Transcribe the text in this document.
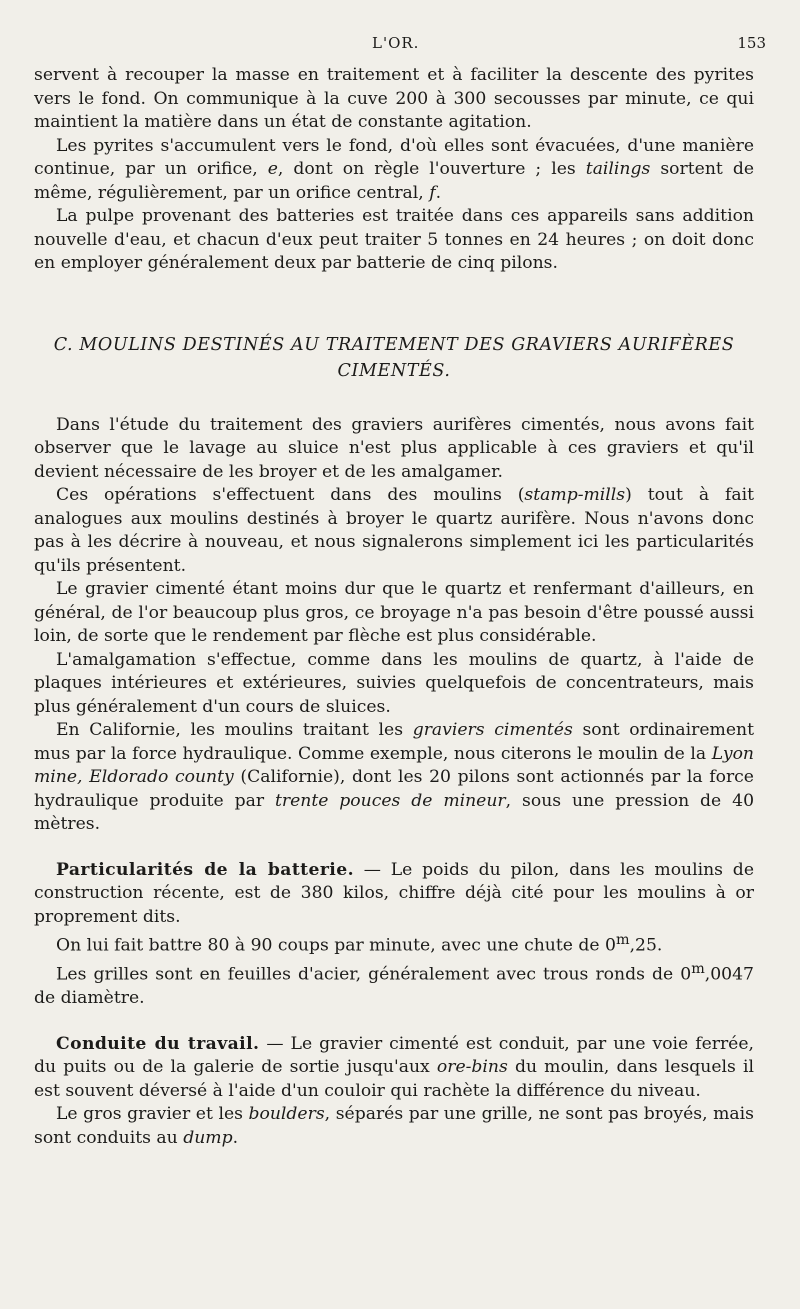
L'OR.	153

servent à recouper la masse en traitement et à faciliter la descente des pyrites vers le fond. On communique à la cuve 200 à 300 secousses par minute, ce qui maintient la matière dans un état de constante agitation.

Les pyrites s'accumulent vers le fond, d'où elles sont évacuées, d'une manière continue, par un orifice, e, dont on règle l'ouverture ; les tailings sortent de même, régulièrement, par un orifice central, f.

La pulpe provenant des batteries est traitée dans ces appareils sans addition nouvelle d'eau, et chacun d'eux peut traiter 5 tonnes en 24 heures ; on doit donc en employer généralement deux par batterie de cinq pilons.

C. MOULINS DESTINÉS AU TRAITEMENT DES GRAVIERS AURIFÈRES
CIMENTÉS.

Dans l'étude du traitement des graviers aurifères cimentés, nous avons fait observer que le lavage au sluice n'est plus applicable à ces graviers et qu'il devient nécessaire de les broyer et de les amalgamer.

Ces opérations s'effectuent dans des moulins (stamp-mills) tout à fait analogues aux moulins destinés à broyer le quartz aurifère. Nous n'avons donc pas à les décrire à nouveau, et nous signalerons simplement ici les particularités qu'ils présentent.

Le gravier cimenté étant moins dur que le quartz et renfermant d'ailleurs, en général, de l'or beaucoup plus gros, ce broyage n'a pas besoin d'être poussé aussi loin, de sorte que le rendement par flèche est plus considérable.

L'amalgamation s'effectue, comme dans les moulins de quartz, à l'aide de plaques intérieures et extérieures, suivies quelquefois de concentrateurs, mais plus généralement d'un cours de sluices.

En Californie, les moulins traitant les graviers cimentés sont ordinairement mus par la force hydraulique. Comme exemple, nous citerons le moulin de la Lyon mine, Eldorado county (Californie), dont les 20 pilons sont actionnés par la force hydraulique produite par trente pouces de mineur, sous une pression de 40 mètres.

Particularités de la batterie. — Le poids du pilon, dans les moulins de construction récente, est de 380 kilos, chiffre déjà cité pour les moulins à or proprement dits.

On lui fait battre 80 à 90 coups par minute, avec une chute de 0$^m$,25.

Les grilles sont en feuilles d'acier, généralement avec trous ronds de 0$^m$,0047 de diamètre.

Conduite du travail. — Le gravier cimenté est conduit, par une voie ferrée, du puits ou de la galerie de sortie jusqu'aux ore-bins du moulin, dans lesquels il est souvent déversé à l'aide d'un couloir qui rachète la différence du niveau.

Le gros gravier et les boulders, séparés par une grille, ne sont pas broyés, mais sont conduits au dump.
